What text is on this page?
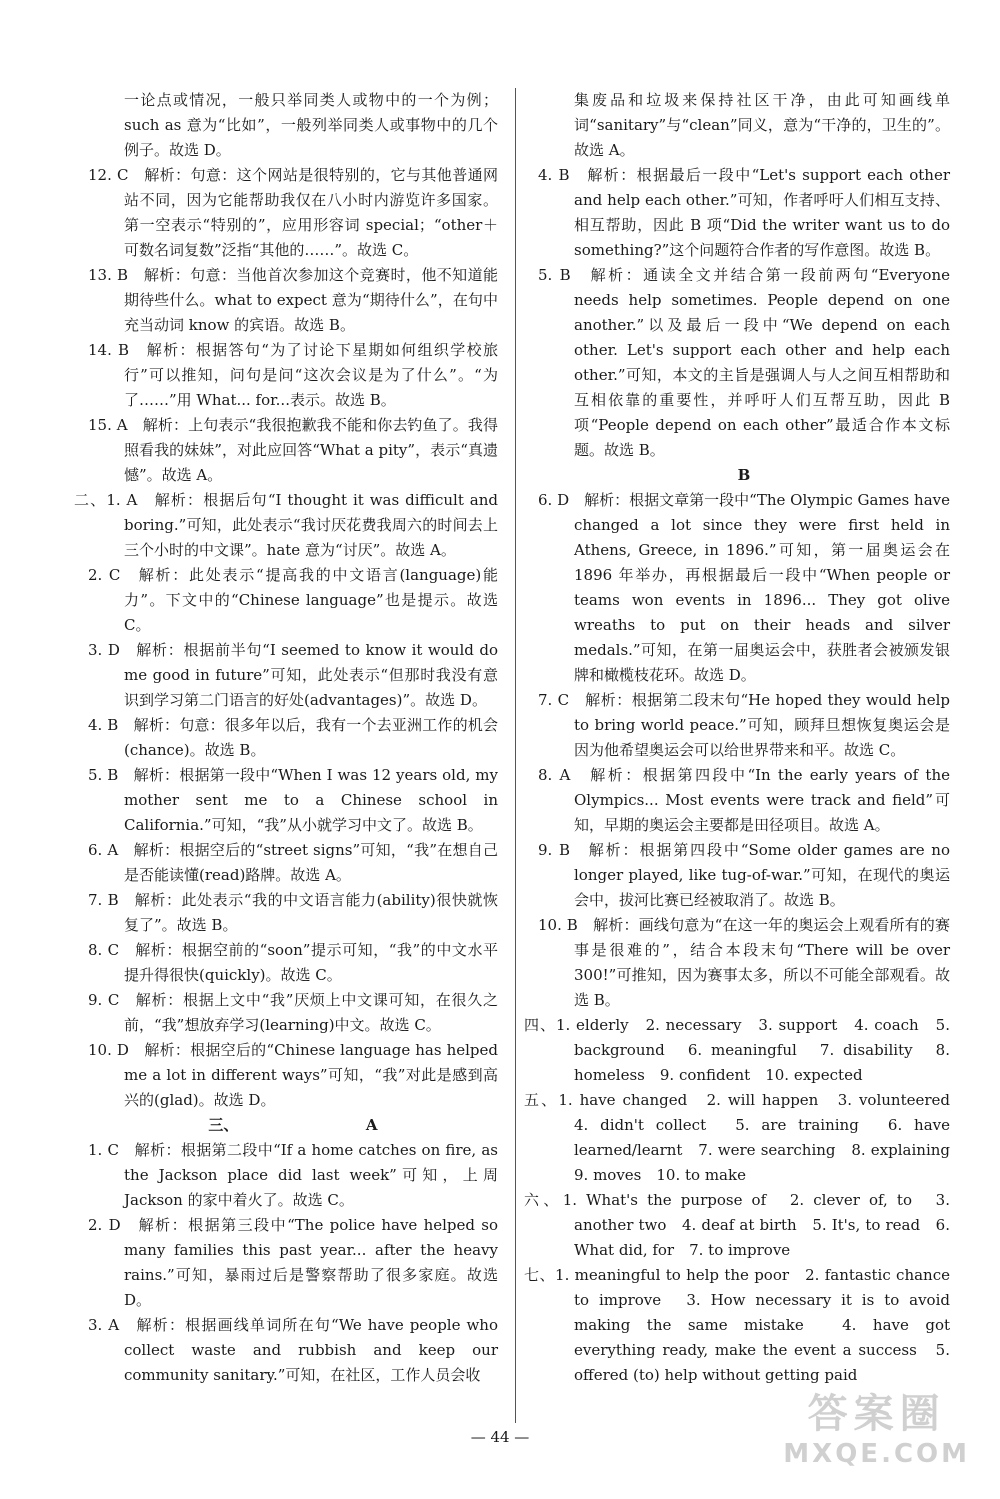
一论点或情况，一般只举同类人或物中的一个为例；such as 意为“比如”，一般列举同类人或事物中的几个例子。故选 D。

12. C　解析：句意：这个网站是很特别的，它与其他普通网站不同，因为它能帮助我仅在八小时内游览许多国家。第一空表示“特别的”，应用形容词 special；“other＋可数名词复数”泛指“其他的……”。故选 C。

13. B　解析：句意：当他首次参加这个竞赛时，他不知道能期待些什么。what to expect 意为“期待什么”，在句中充当动词 know 的宾语。故选 B。

14. B　解析：根据答句“为了讨论下星期如何组织学校旅行”可以推知，问句是问“这次会议是为了什么”。“为了……”用 What... for...表示。故选 B。

15. A　解析：上句表示“我很抱歉我不能和你去钓鱼了。我得照看我的妹妹”，对此应回答“What a pity”，表示“真遗憾”。故选 A。

二、1. A　解析：根据后句“I thought it was difficult and boring.”可知，此处表示“我讨厌花费我周六的时间去上三个小时的中文课”。hate 意为“讨厌”。故选 A。

2. C　解析：此处表示“提高我的中文语言(language)能力”。下文中的“Chinese language”也是提示。故选 C。

3. D　解析：根据前半句“I seemed to know it would do me good in future”可知，此处表示“但那时我没有意识到学习第二门语言的好处(advantages)”。故选 D。

4. B　解析：句意：很多年以后，我有一个去亚洲工作的机会(chance)。故选 B。

5. B　解析：根据第一段中“When I was 12 years old, my mother sent me to a Chinese school in California.”可知，“我”从小就学习中文了。故选 B。

6. A　解析：根据空后的“street signs”可知，“我”在想自己是否能读懂(read)路牌。故选 A。

7. B　解析：此处表示“我的中文语言能力(ability)很快就恢复了”。故选 B。

8. C　解析：根据空前的“soon”提示可知，“我”的中文水平提升得很快(quickly)。故选 C。

9. C　解析：根据上文中“我”厌烦上中文课可知，在很久之前，“我”想放弃学习(learning)中文。故选 C。

10. D　解析：根据空后的“Chinese language has helped me a lot in different ways”可知，“我”对此是感到高兴的(glad)。故选 D。

三、　　　　　　　　　A

1. C　解析：根据第二段中“If a home catches on fire, as the Jackson place did last week”可知，上周 Jackson 的家中着火了。故选 C。

2. D　解析：根据第三段中“The police have helped so many families this past year... after the heavy rains.”可知，暴雨过后是警察帮助了很多家庭。故选 D。

3. A　解析：根据画线单词所在句“We have people who collect waste and rubbish and keep our community sanitary.”可知，在社区，工作人员会收

集废品和垃圾来保持社区干净，由此可知画线单词“sanitary”与“clean”同义，意为“干净的，卫生的”。故选 A。

4. B　解析：根据最后一段中“Let's support each other and help each other.”可知，作者呼吁人们相互支持、相互帮助，因此 B 项“Did the writer want us to do something?”这个问题符合作者的写作意图。故选 B。

5. B　解析：通读全文并结合第一段前两句“Everyone needs help sometimes. People depend on one another.”以及最后一段中“We depend on each other. Let's support each other and help each other.”可知，本文的主旨是强调人与人之间互相帮助和互相依靠的重要性，并呼吁人们互帮互助，因此 B 项“People depend on each other”最适合作本文标题。故选 B。

B

6. D　解析：根据文章第一段中“The Olympic Games have changed a lot since they were first held in Athens, Greece, in 1896.”可知，第一届奥运会在 1896 年举办，再根据最后一段中“When people or teams won events in 1896... They got olive wreaths to put on their heads and silver medals.”可知，在第一届奥运会中，获胜者会被颁发银牌和橄榄枝花环。故选 D。

7. C　解析：根据第二段末句“He hoped they would help to bring world peace.”可知，顾拜旦想恢复奥运会是因为他希望奥运会可以给世界带来和平。故选 C。

8. A　解析：根据第四段中“In the early years of the Olympics... Most events were track and field”可知，早期的奥运会主要都是田径项目。故选 A。

9. B　解析：根据第四段中“Some older games are no longer played, like tug-of-war.”可知，在现代的奥运会中，拔河比赛已经被取消了。故选 B。

10. B　解析：画线句意为“在这一年的奥运会上观看所有的赛事是很难的”，结合本段末句“There will be over 300!”可推知，因为赛事太多，所以不可能全部观看。故选 B。

四、1. elderly　2. necessary　3. support　4. coach　5. background　6. meaningful　7. disability　8. homeless　9. confident　10. expected

五、1. have changed　2. will happen　3. volunteered　4. didn't collect　5. are training　6. have learned/learnt　7. were searching　8. explaining　9. moves　10. to make

六、1. What's the purpose of　2. clever of, to　3. another two　4. deaf at birth　5. It's, to read　6. What did, for　7. to improve

七、1. meaningful to help the poor　2. fantastic chance to improve　3. How necessary it is to avoid making the same mistake　4. have got everything ready, make the event a success　5. offered (to) help without getting paid

— 44 —	答案圈
MXQE.COM
